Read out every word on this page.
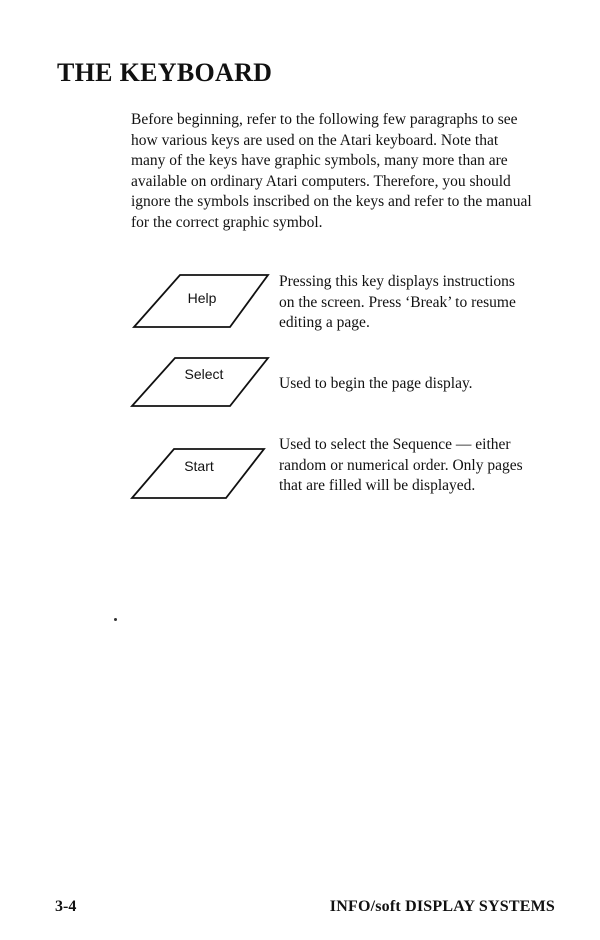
THE KEYBOARD

Before beginning, refer to the following few paragraphs to see how various keys are used on the Atari keyboard. Note that many of the keys have graphic symbols, many more than are available on ordinary Atari computers. Therefore, you should ignore the symbols inscribed on the keys and refer to the manual for the correct graphic symbol.

Help

Pressing this key displays instructions on the screen. Press ‘Break’ to resume editing a page.

Select

Used to begin the page display.

Start

Used to select the Sequence — either random or numerical order. Only pages that are filled will be displayed.

3-4	INFO/soft DISPLAY SYSTEMS
